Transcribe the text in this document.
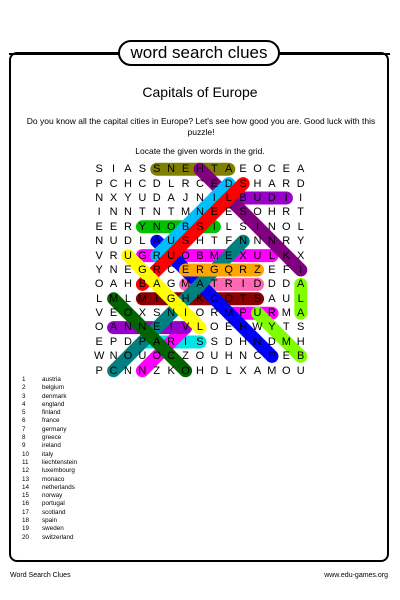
word search clues
Capitals of Europe
Do you know all the capital cities in Europe? Let's see how good you are. Good luck with this puzzle!
Locate the given words in the grid.
S I A S S N E H T A E O C E A
P C H C D L R C E D S H A R D
N X Y U D A J N I L B U D I	I
I N N T N T M N E E S O H R T
E E R Y N O B S I L S I N O L
N U D L A U S H T F N N N R Y
V R U G R U O B M E X U L K X
Y N E G R C E R G Q R Z E F I
O A H B A G M A T R I D D D A
L M L M I G H K C O T S A U L
V E O X S N I O R M P U R M A
O A N N E I V L O E H W Y T S
E P D P A R I S S D H N D M H
W N O U O C Z O U H N C P E B
P C N N Z K O H D L X A M O U
1	austria
2	belgium
3	denmark
4	england
5	finland
6	france
7	germany
8	greece
9	ireland
10	italy
11	liechtenstein
12	luxembourg
13	monaco
14	netherlands
15	norway
16	portugal
17	scotland
18	spain
19	sweden
20	switzerland
Word Search Clues	www.edu-games.org
